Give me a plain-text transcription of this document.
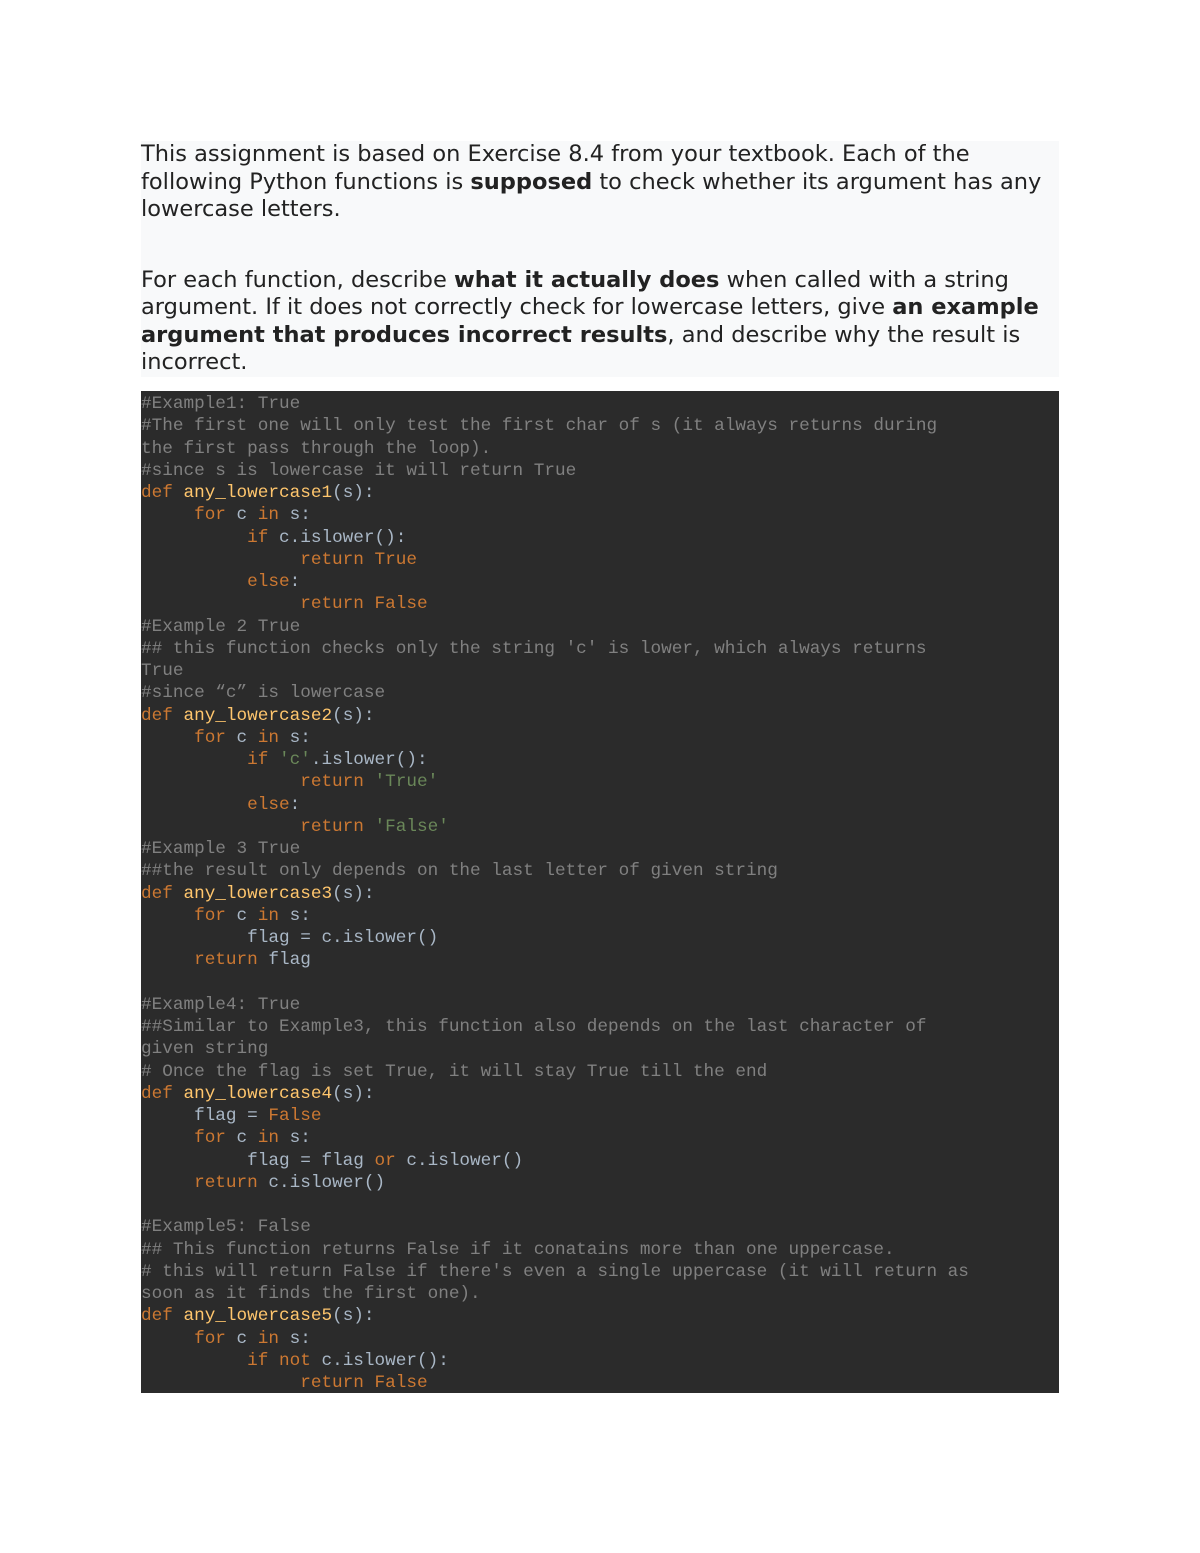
This assignment is based on Exercise 8.4 from your textbook. Each of the following Python functions is supposed to check whether its argument has any lowercase letters.

For each function, describe what it actually does when called with a string argument. If it does not correctly check for lowercase letters, give an example argument that produces incorrect results, and describe why the result is incorrect.

#Example1: True
#The first one will only test the first char of s (it always returns during
the first pass through the loop).
#since s is lowercase it will return True
def any_lowercase1(s):
for c in s:
if c.islower():
return True
else:
return False
#Example 2 True
## this function checks only the string 'c' is lower, which always returns
True
#since “c” is lowercase
def any_lowercase2(s):
for c in s:
if 'c'.islower():
return 'True'
else:
return 'False'
#Example 3 True
##the result only depends on the last letter of given string
def any_lowercase3(s):
for c in s:
flag = c.islower()
return flag
#Example4: True
##Similar to Example3, this function also depends on the last character of
given string
# Once the flag is set True, it will stay True till the end
def any_lowercase4(s):
flag = False
for c in s:
flag = flag or c.islower()
return c.islower()
#Example5: False
## This function returns False if it conatains more than one uppercase.
# this will return False if there's even a single uppercase (it will return as
soon as it finds the first one).
def any_lowercase5(s):
for c in s:
if not c.islower():
return False
